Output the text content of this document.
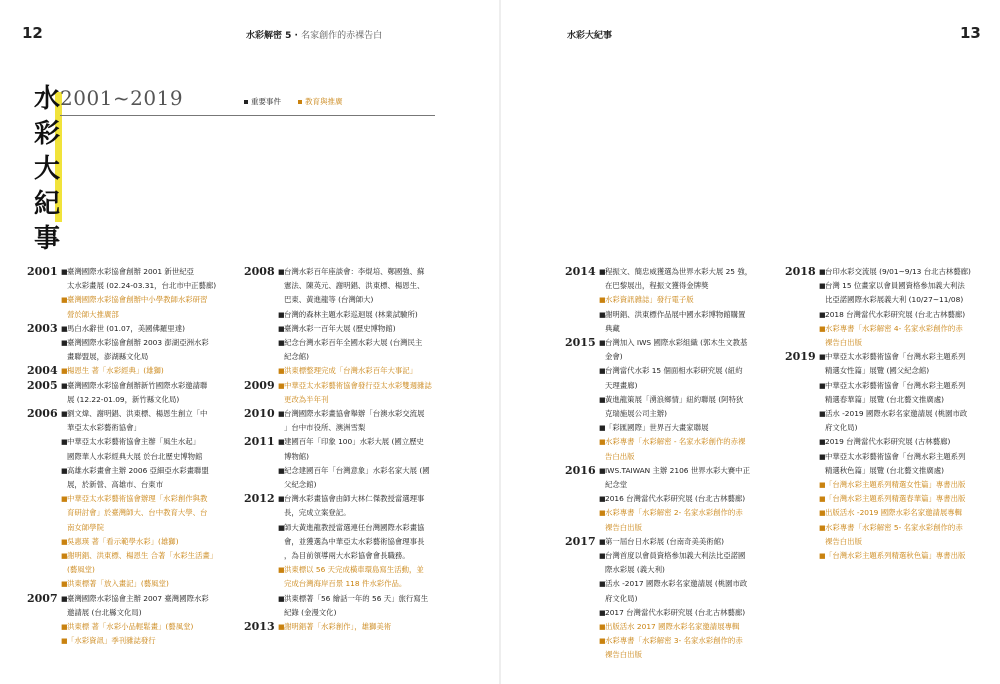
12	水彩解密 5 · 名家創作的赤裸告白	水彩大紀事	13
水
彩
大
紀
事
2001~2019	重要事件	教育與推廣
2001 ■ 臺灣國際水彩協會創辦 2001 新世紀亞
太水彩畫展 (02.24-03.31，台北市中正藝廊)
■ 臺灣國際水彩協會創辦中小學教師水彩研習
營於師大推廣部
2003 ■ 馬白水辭世 (01.07，美國佛羅里達)
■ 臺灣國際水彩協會創辦 2003 澎湖亞洲水彩
畫聯盟展，澎湖縣文化局
2004 ■ 楊恩生 著「水彩經典」(雄獅)
2005 ■ 臺灣國際水彩協會創辦新竹國際水彩邀請聯
展 (12.22-01.09，新竹縣文化局)
2006 ■ 劉文煒、謝明錩、洪東標、楊恩生創立「中
華亞太水彩藝術協會」
■ 中華亞太水彩藝術協會主辦「風生水起」
國際華人水彩經典大展 於台北歷史博物館
■ 高雄水彩畫會主辦 2006 亞細亞水彩畫聯盟
展，於新營、高雄市、台東市
■ 中華亞太水彩藝術協會辦理「水彩創作與教
育研討會」於臺灣師大、台中教育大學、台
南女師學院
■ 吳惠瑛 著「看示範學水彩」(雄獅)
■ 謝明錩、洪東標、楊恩生 合著「水彩生活畫」
(藝風堂)
■ 洪東標著「放入畫記」(藝風堂)
2007 ■ 臺灣國際水彩協會主辦 2007 臺灣國際水彩
邀請展 (台北縣文化局)
■ 洪東標 著「水彩小品輕鬆畫」(藝風堂)
■ 「水彩資訊」季刊雜誌發行
2008 ■ 台灣水彩百年座談會：李焜培、鄭國強、蘇
憲法、陳英元、謝明錩、洪東標、楊恩生、
巴東、黃進龍等 (台灣師大)
■ 台灣的森林主題水彩巡迴展 (林業試驗所)
■ 臺灣水彩一百年大展 (歷史博物館)
■ 紀念台灣水彩百年全國水彩大展 (台灣民主
紀念館)
■ 洪東標整理完成「台灣水彩百年大事記」
2009 ■ 中華亞太水彩藝術協會發行亞太水彩雙週雜誌
更改為半年刊
2010 ■ 台灣國際水彩畫協會舉辦「台澳水彩交流展
」台中市役所、澳洲雪梨
2011 ■ 建國百年「印象 100」水彩大展 (國立歷史
博物館)
■ 紀念建國百年「台灣意象」水彩名家大展 (國
父紀念館)
2012 ■ 台灣水彩畫協會由師大林仁傑教授當選理事
長，完成立案登記。
■ 師大黃進龍教授當選連任台灣國際水彩畫協
會，並獲選為中華亞太水彩藝術協會理事長
，為目前領導兩大水彩協會會長職務。
■ 洪東標以 56 天完成橫車環島寫生活動，並
完成台灣海岸百景 118 件水彩作品。
■ 洪東標著「56 繪話一年的 56 天」旅行寫生
紀錄 (金漫文化)
2013 ■ 謝明錩著「水彩創作」，雄獅美術
2014 ■ 程振文、簡忠威獲選為世界水彩大展 25 強，
在巴黎展出，程振文獲得金牌獎
■ 水彩資訊雜誌」發行電子版
■ 謝明錩、洪東標作品展中國水彩博物館購置
典藏
2015 ■ 台灣加入 IWS 國際水彩組織 (郭木生文教基
金會)
■ 台灣當代水彩 15 個面相水彩研究展 (紐約
天理畫廊)
■ 黃進龍策展「湧浪鄉情」紐約聯展 (阿特狄
克瑞施展公司主辦)
■ 「彩匯國際」世界百大畫家聯展
■ 水彩專書「水彩解密 - 名家水彩創作的赤裸
告白出版
2016 ■ IWS.TAIWAN 主辦 2106 世界水彩大賽中正
紀念堂
■ 2016 台灣當代水彩研究展 (台北古林藝廊)
■ 水彩專書「水彩解密 2- 名家水彩創作的赤
裸告白出版
2017 ■ 第一屆台日水彩展 (台南奇美美術館)
■ 台灣首度以會員資格參加義大利法比亞諾國
際水彩展 (義大利)
■ 活水 -2017 國際水彩名家邀請展 (桃園市政
府文化局)
■ 2017 台灣當代水彩研究展 (台北古林藝廊)
■ 出版活水 2017 國際水彩名家邀請展專輯
■ 水彩專書「水彩解密 3- 名家水彩創作的赤
裸告白出版
2018 ■ 台印水彩交流展 (9/01~9/13 台北古林藝廊)
■ 台灣 15 位畫家以會員國資格參加義大利法
比亞諾國際水彩展義大利 (10/27~11/08)
■ 2018 台灣當代水彩研究展 (台北古林藝廊)
■ 水彩專書「水彩解密 4- 名家水彩創作的赤
裸告白出版
2019 ■ 中華亞太水彩藝術協會「台灣水彩主題系列
精選女性篇」展覽 (國父紀念館)
■ 中華亞太水彩藝術協會「台灣水彩主題系列
精選春華篇」展覽 (台北藝文推廣處)
■ 活水 -2019 國際水彩名家邀請展 (桃園市政
府文化局)
■ 2019 台灣當代水彩研究展 (古林藝廊)
■ 中華亞太水彩藝術協會「台灣水彩主題系列
精選秋色篇」展覽 (台北藝文推廣處)
■ 「台灣水彩主題系列精選女性篇」專書出版
■ 「台灣水彩主題系列精選春華篇」專書出版
■ 出版活水 -2019 國際水彩名家邀請展專輯
■ 水彩專書「水彩解密 5- 名家水彩創作的赤
裸告白出版
■ 「台灣水彩主題系列精選秋色篇」專書出版
